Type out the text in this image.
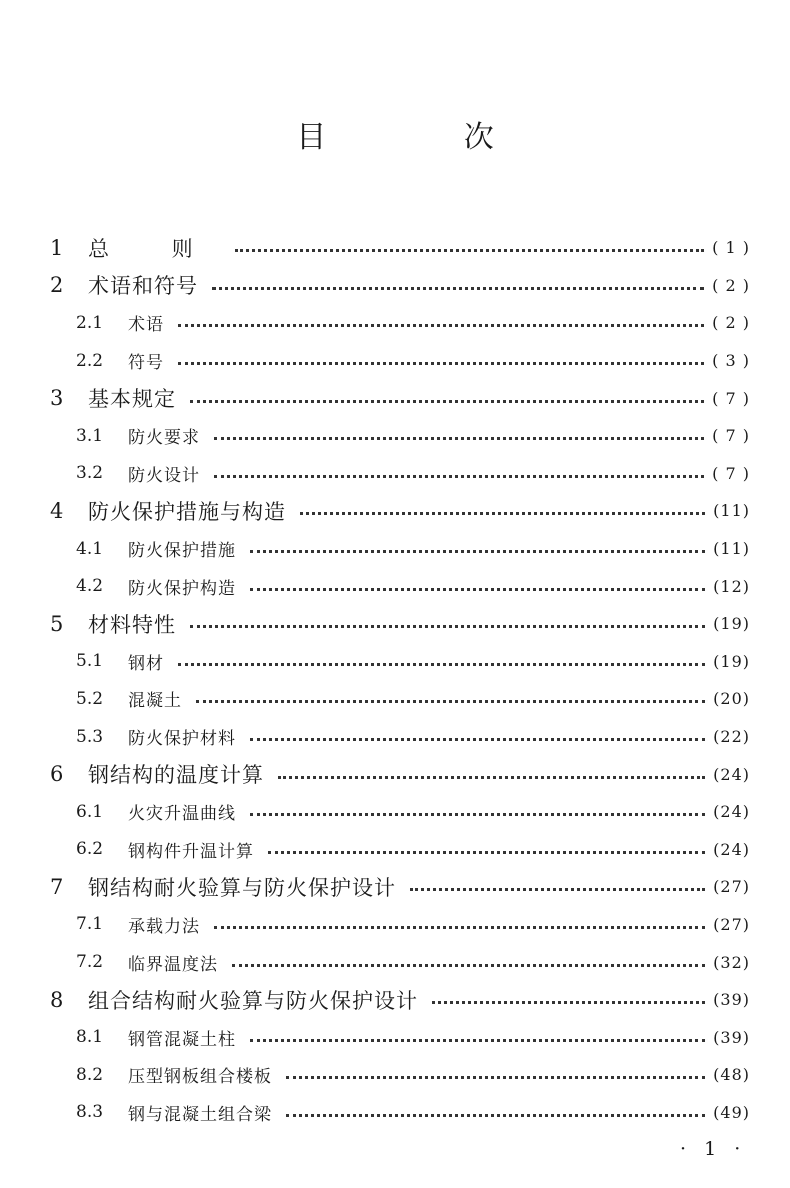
目 次
1	总 则	( 1 )
2	术语和符号	( 2 )
2.1	术语	( 2 )
2.2	符号	( 3 )
3	基本规定	( 7 )
3.1	防火要求	( 7 )
3.2	防火设计	( 7 )
4	防火保护措施与构造	(11)
4.1	防火保护措施	(11)
4.2	防火保护构造	(12)
5	材料特性	(19)
5.1	钢材	(19)
5.2	混凝土	(20)
5.3	防火保护材料	(22)
6	钢结构的温度计算	(24)
6.1	火灾升温曲线	(24)
6.2	钢构件升温计算	(24)
7	钢结构耐火验算与防火保护设计	(27)
7.1	承载力法	(27)
7.2	临界温度法	(32)
8	组合结构耐火验算与防火保护设计	(39)
8.1	钢管混凝土柱	(39)
8.2	压型钢板组合楼板	(48)
8.3	钢与混凝土组合梁	(49)
· 1 ·
